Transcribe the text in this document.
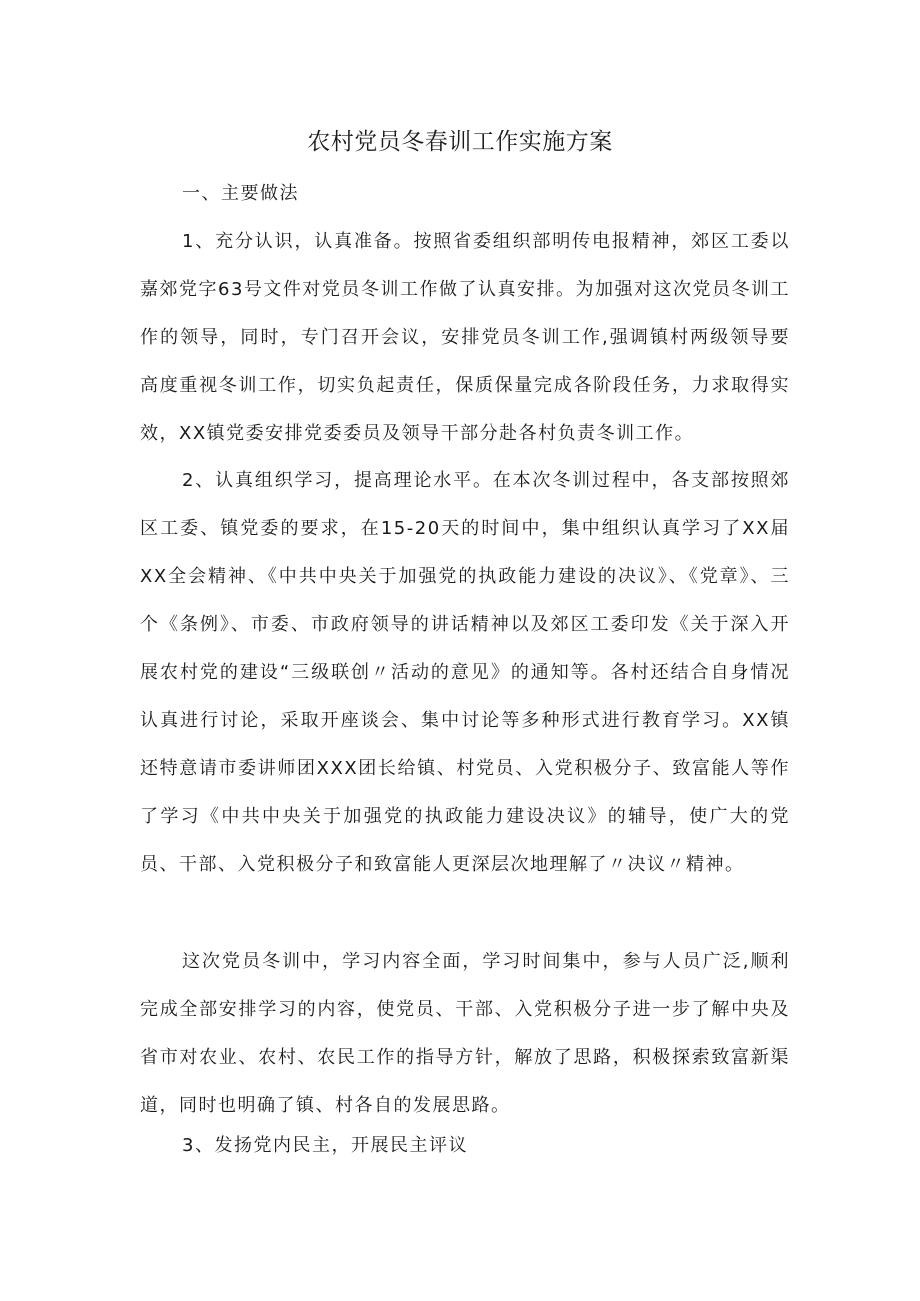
农村党员冬春训工作实施方案
一、主要做法
1、充分认识，认真准备。按照省委组织部明传电报精神，郊区工委以嘉郊党字63号文件对党员冬训工作做了认真安排。为加强对这次党员冬训工作的领导，同时，专门召开会议，安排党员冬训工作,强调镇村两级领导要高度重视冬训工作，切实负起责任，保质保量完成各阶段任务，力求取得实效，XX镇党委安排党委委员及领导干部分赴各村负责冬训工作。
2、认真组织学习，提高理论水平。在本次冬训过程中，各支部按照郊区工委、镇党委的要求，在15-20天的时间中，集中组织认真学习了XX届XX全会精神、《中共中央关于加强党的执政能力建设的决议》、《党章》、三个《条例》、市委、市政府领导的讲话精神以及郊区工委印发《关于深入开展农村党的建设“三级联创〃活动的意见》的通知等。各村还结合自身情况认真进行讨论，采取开座谈会、集中讨论等多种形式进行教育学习。XX镇还特意请市委讲师团XXX团长给镇、村党员、入党积极分子、致富能人等作了学习《中共中央关于加强党的执政能力建设决议》的辅导，使广大的党员、干部、入党积极分子和致富能人更深层次地理解了〃决议〃精神。
这次党员冬训中，学习内容全面，学习时间集中，参与人员广泛,顺利完成全部安排学习的内容，使党员、干部、入党积极分子进一步了解中央及省市对农业、农村、农民工作的指导方针，解放了思路，积极探索致富新渠道，同时也明确了镇、村各自的发展思路。
3、发扬党内民主，开展民主评议
